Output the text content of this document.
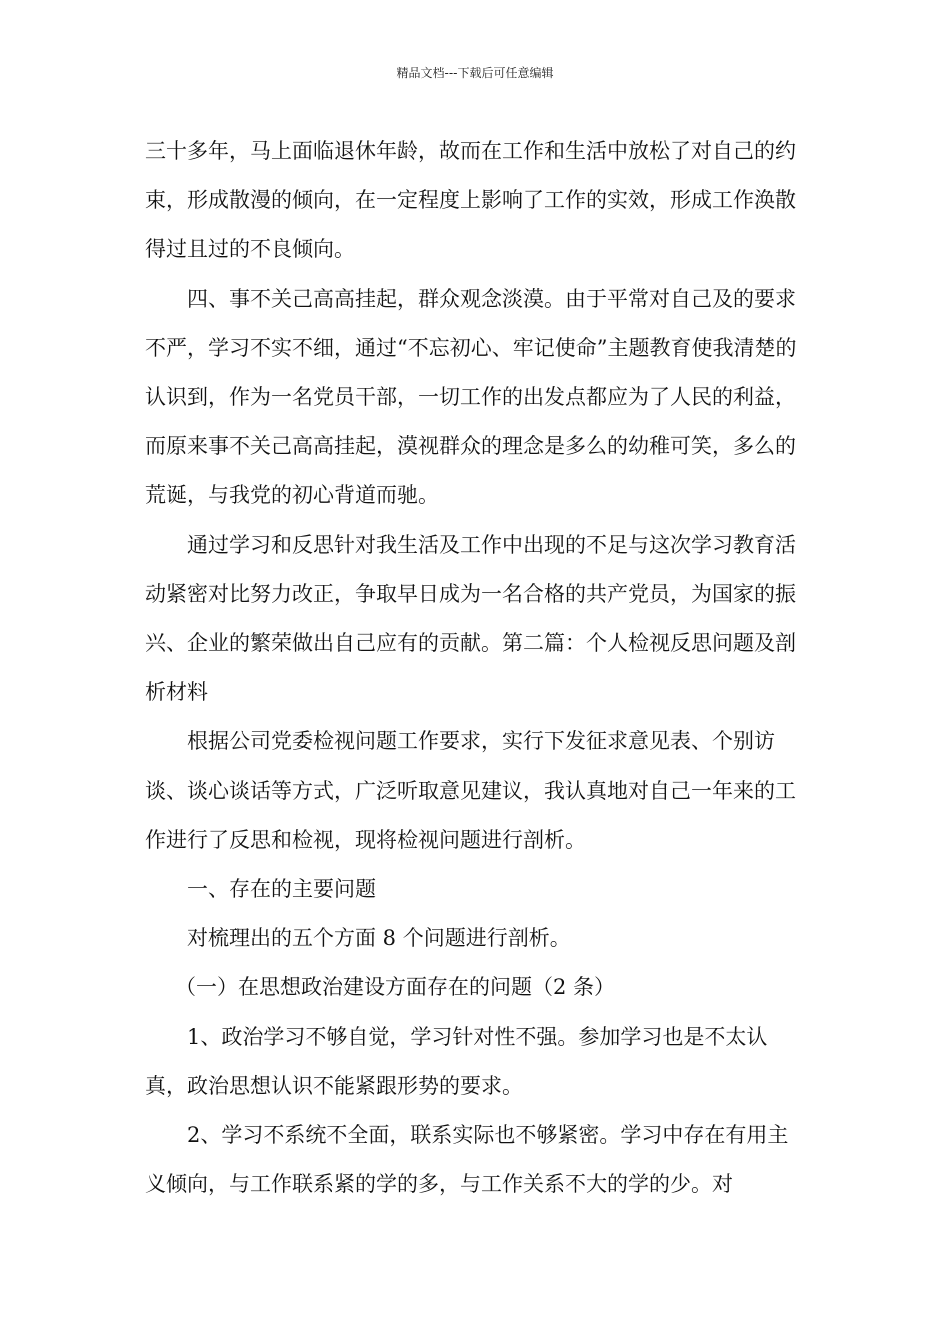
精品文档---下载后可任意编辑

三十多年，马上面临退休年龄，故而在工作和生活中放松了对自己的约束，形成散漫的倾向，在一定程度上影响了工作的实效，形成工作涣散得过且过的不良倾向。

四、事不关己高高挂起，群众观念淡漠。由于平常对自己及的要求不严，学习不实不细，通过“不忘初心、牢记使命”主题教育使我清楚的认识到，作为一名党员干部，一切工作的出发点都应为了人民的利益，而原来事不关己高高挂起，漠视群众的理念是多么的幼稚可笑，多么的荒诞，与我党的初心背道而驰。

通过学习和反思针对我生活及工作中出现的不足与这次学习教育活动紧密对比努力改正，争取早日成为一名合格的共产党员，为国家的振兴、企业的繁荣做出自己应有的贡献。第二篇：个人检视反思问题及剖析材料

根据公司党委检视问题工作要求，实行下发征求意见表、个别访谈、谈心谈话等方式，广泛听取意见建议，我认真地对自己一年来的工作进行了反思和检视，现将检视问题进行剖析。

一、存在的主要问题

对梳理出的五个方面 8 个问题进行剖析。

（一）在思想政治建设方面存在的问题（2 条）

1、政治学习不够自觉，学习针对性不强。参加学习也是不太认真，政治思想认识不能紧跟形势的要求。

2、学习不系统不全面，联系实际也不够紧密。学习中存在有用主义倾向，与工作联系紧的学的多，与工作关系不大的学的少。对
